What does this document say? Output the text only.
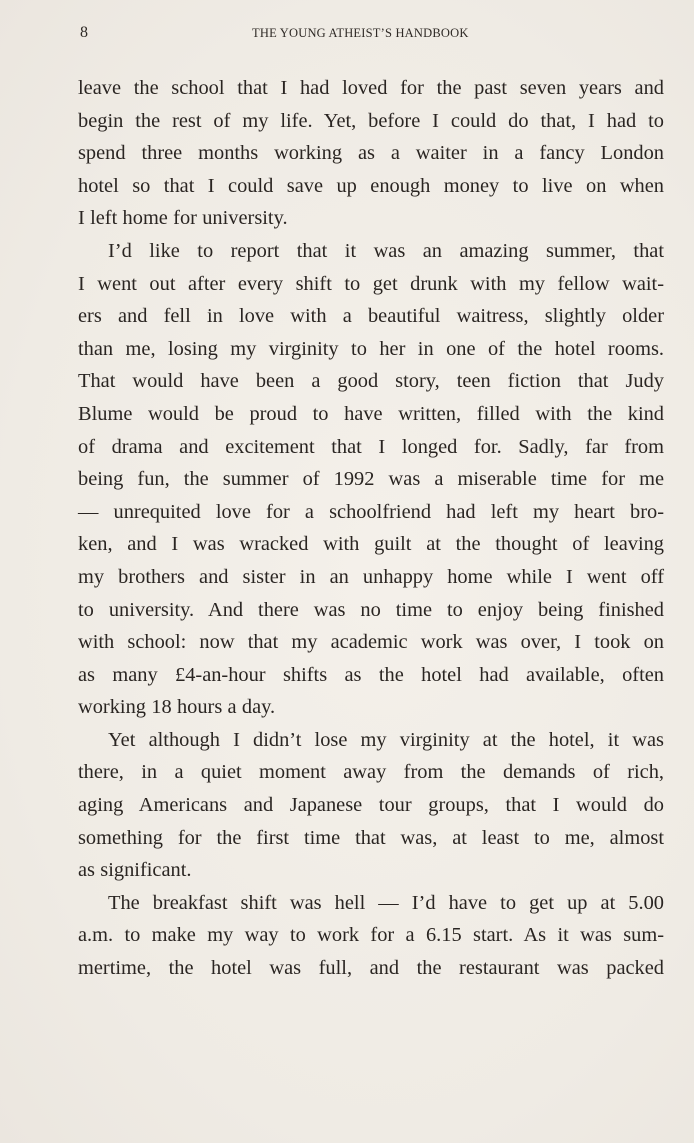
8	THE YOUNG ATHEIST’S HANDBOOK

leave the school that I had loved for the past seven years and
begin the rest of my life. Yet, before I could do that, I had to
spend three months working as a waiter in a fancy London
hotel so that I could save up enough money to live on when
I left home for university.

I’d like to report that it was an amazing summer, that
I went out after every shift to get drunk with my fellow wait-
ers and fell in love with a beautiful waitress, slightly older
than me, losing my virginity to her in one of the hotel rooms.
That would have been a good story, teen fiction that Judy
Blume would be proud to have written, filled with the kind
of drama and excitement that I longed for. Sadly, far from
being fun, the summer of 1992 was a miserable time for me
— unrequited love for a schoolfriend had left my heart bro-
ken, and I was wracked with guilt at the thought of leaving
my brothers and sister in an unhappy home while I went off
to university. And there was no time to enjoy being finished
with school: now that my academic work was over, I took on
as many £4-an-hour shifts as the hotel had available, often
working 18 hours a day.

Yet although I didn’t lose my virginity at the hotel, it was
there, in a quiet moment away from the demands of rich,
aging Americans and Japanese tour groups, that I would do
something for the first time that was, at least to me, almost
as significant.

The breakfast shift was hell — I’d have to get up at 5.00
a.m. to make my way to work for a 6.15 start. As it was sum-
mertime, the hotel was full, and the restaurant was packed
